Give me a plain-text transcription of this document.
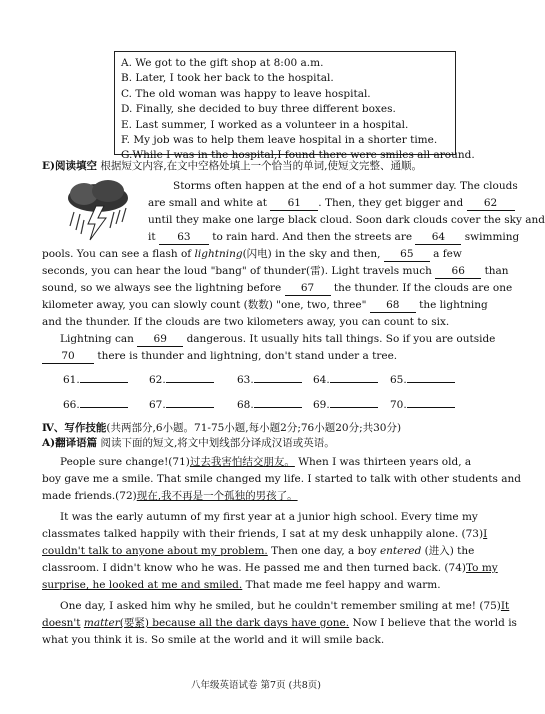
A. We got to the gift shop at 8:00 a.m.
B. Later, I took her back to the hospital.
C. The old woman was happy to leave hospital.
D. Finally, she decided to buy three different boxes.
E. Last summer, I worked as a volunteer in a hospital.
F. My job was to help them leave hospital in a shorter time.
G.While I was in the hospital,I found there were smiles all around.
E)阅读填空 根据短文内容,在文中空格处填上一个恰当的单词,使短文完整、通顺。
Storms often happen at the end of a hot summer day. The clouds
are small and white at 61 . Then, they get bigger and 62
until they make one large black cloud. Soon dark clouds cover the sky and
it 63 to rain hard. And then the streets are 64 swimming
pools. You can see a flash of lightning(闪电) in the sky and then, 65 a few
seconds, you can hear the loud "bang" of thunder(雷). Light travels much 66 than
sound, so we always see the lightning before 67 the thunder. If the clouds are one
kilometer away, you can slowly count (数数) "one, two, three" 68 the lightning
and the thunder. If the clouds are two kilometers away, you can count to six.
Lightning can 69 dangerous. It usually hits tall things. So if you are outside
70 there is thunder and lightning, don't stand under a tree.
61.	62.	63.	64.	65.
66.	67.	68.	69.	70.
Ⅳ、写作技能(共两部分,6小题。71-75小题,每小题2分;76小题20分;共30分)
A)翻译语篇 阅读下面的短文,将文中划线部分译成汉语或英语。
People sure change!(71)过去我害怕结交朋友。 When I was thirteen years old, a
boy gave me a smile. That smile changed my life. I started to talk with other students and
made friends.(72)现在,我不再是一个孤独的男孩了。
It was the early autumn of my first year at a junior high school. Every time my
classmates talked happily with their friends, I sat at my desk unhappily alone. (73)I
couldn't talk to anyone about my problem. Then one day, a boy entered (进入) the
classroom. I didn't know who he was. He passed me and then turned back. (74)To my
surprise, he looked at me and smiled. That made me feel happy and warm.
One day, I asked him why he smiled, but he couldn't remember smiling at me! (75)It
doesn't matter(要紧) because all the dark days have gone. Now I believe that the world is
what you think it is. So smile at the world and it will smile back.
八年级英语试卷 第7页 (共8页)
